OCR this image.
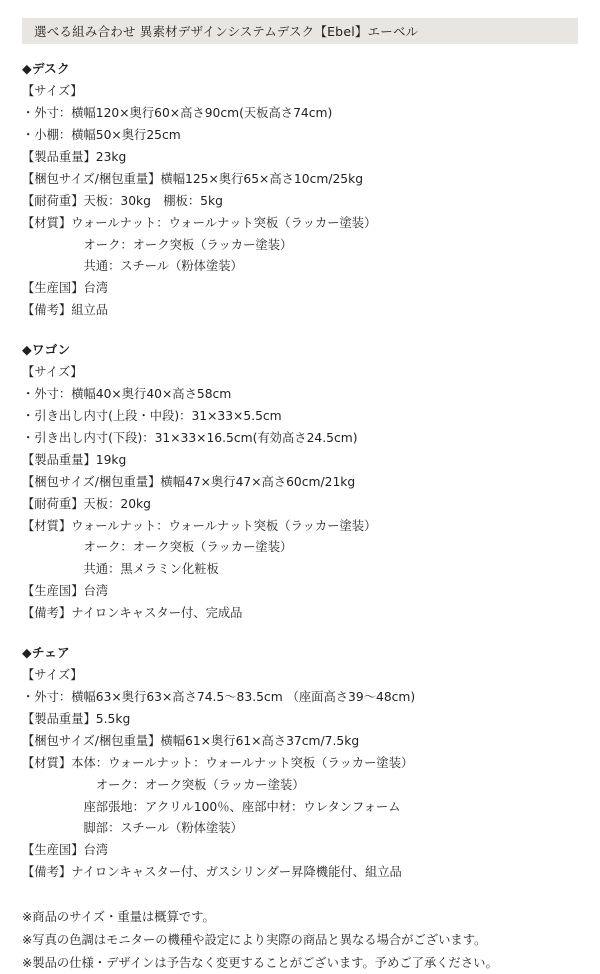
選べる組み合わせ 異素材デザインシステムデスク【Ebel】エーベル
◆デスク
【サイズ】
・外寸：横幅120×奥行60×高さ90cm(天板高さ74cm)
・小棚：横幅50×奥行25cm
【製品重量】23kg
【梱包サイズ/梱包重量】横幅125×奥行65×高さ10cm/25kg
【耐荷重】天板：30kg　棚板：5kg
【材質】ウォールナット：ウォールナット突板（ラッカー塗装）
　　　　　オーク：オーク突板（ラッカー塗装）
　　　　　共通：スチール（粉体塗装）
【生産国】台湾
【備考】組立品
◆ワゴン
【サイズ】
・外寸：横幅40×奥行40×高さ58cm
・引き出し内寸(上段・中段)：31×33×5.5cm
・引き出し内寸(下段)：31×33×16.5cm(有効高さ24.5cm)
【製品重量】19kg
【梱包サイズ/梱包重量】横幅47×奥行47×高さ60cm/21kg
【耐荷重】天板：20kg
【材質】ウォールナット：ウォールナット突板（ラッカー塗装）
　　　　　オーク：オーク突板（ラッカー塗装）
　　　　　共通：黒メラミン化粧板
【生産国】台湾
【備考】ナイロンキャスター付、完成品
◆チェア
【サイズ】
・外寸：横幅63×奥行63×高さ74.5～83.5cm （座面高さ39～48cm)
【製品重量】5.5kg
【梱包サイズ/梱包重量】横幅61×奥行61×高さ37cm/7.5kg
【材質】本体：ウォールナット：ウォールナット突板（ラッカー塗装）
　　　　　　オーク：オーク突板（ラッカー塗装）
　　　　　座部張地：アクリル100％、座部中材：ウレタンフォーム
　　　　　脚部：スチール（粉体塗装）
【生産国】台湾
【備考】ナイロンキャスター付、ガスシリンダー昇降機能付、組立品
※商品のサイズ・重量は概算です。
※写真の色調はモニターの機種や設定により実際の商品と異なる場合がございます。
※製品の仕様・デザインは予告なく変更することがございます。予めご了承ください。
